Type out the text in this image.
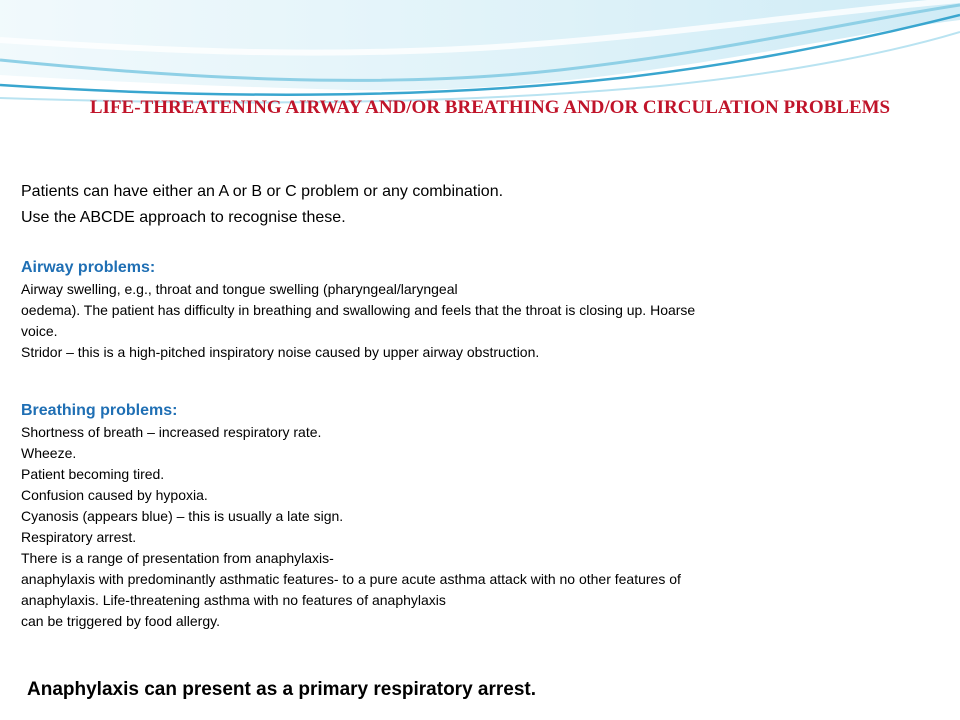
LIFE-THREATENING AIRWAY AND/OR BREATHING AND/OR CIRCULATION PROBLEMS
Patients can have either an A or B or C problem or any combination.
Use the ABCDE approach to recognise these.
Airway problems:
Airway swelling, e.g., throat and tongue swelling (pharyngeal/laryngeal
oedema). The patient has difficulty in breathing and swallowing and feels that the throat is closing up. Hoarse
voice.
Stridor – this is a high-pitched inspiratory noise caused by upper airway obstruction.
Breathing problems:
Shortness of breath – increased respiratory rate.
Wheeze.
Patient becoming tired.
Confusion caused by hypoxia.
Cyanosis (appears blue) – this is usually a late sign.
Respiratory arrest.
There is a range of presentation from anaphylaxis-
anaphylaxis with predominantly asthmatic features- to a pure acute asthma attack with no other features of
anaphylaxis. Life-threatening asthma with no features of anaphylaxis
can be triggered by food allergy.
Anaphylaxis can present as a primary respiratory arrest.
